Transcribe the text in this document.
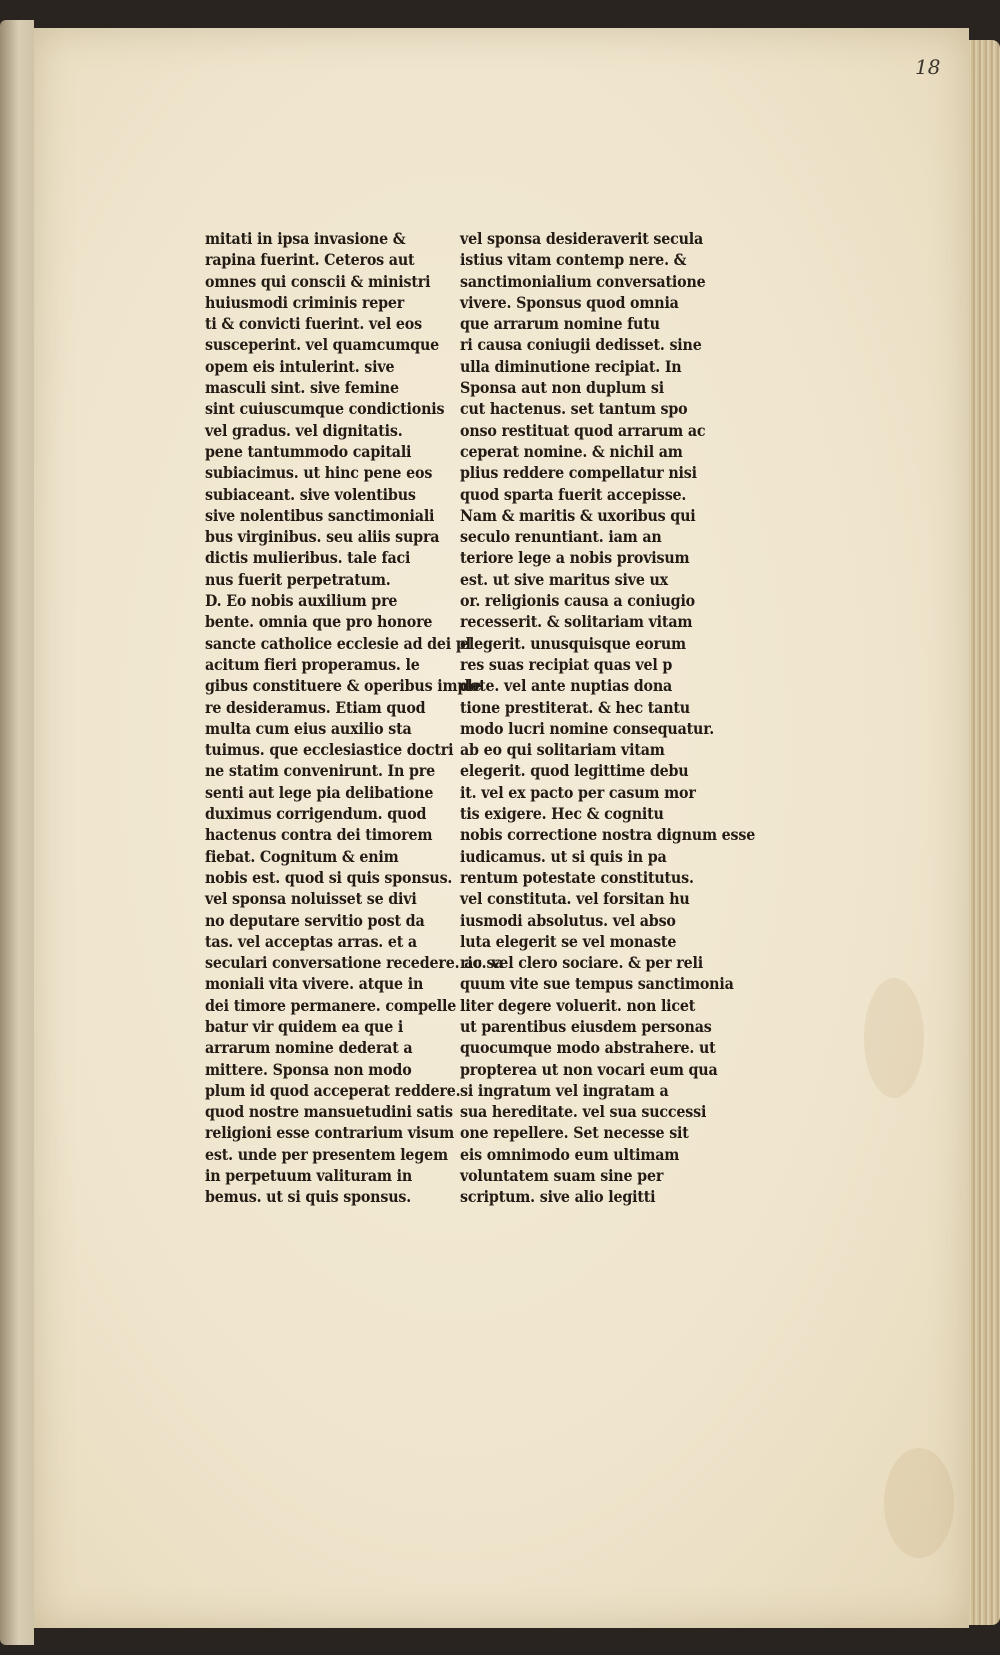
18
mitati in ipsa invasione &
rapina fuerint. Ceteros aut
omnes qui conscii & ministri
huiusmodi criminis reper
ti & convicti fuerint. vel eos
susceperint. vel quamcumque
opem eis intulerint. sive
masculi sint. sive femine
sint cuiuscumque condictionis
vel gradus. vel dignitatis.
pene tantummodo capitali
subiacimus. ut hinc pene eos
subiaceant. sive volentibus
sive nolentibus sanctimoniali
bus virginibus. seu aliis supra
dictis mulieribus. tale faci
nus fuerit perpetratum.
D. Eo nobis auxilium pre
bente. omnia que pro honore
sancte catholice ecclesie ad dei pl
acitum fieri properamus. le
gibus constituere & operibus imple
re desideramus. Etiam quod
multa cum eius auxilio sta
tuimus. que ecclesiastice doctri
ne statim convenirunt. In pre
senti aut lege pia delibatione
duximus corrigendum. quod
hactenus contra dei timorem
fiebat. Cognitum & enim
nobis est. quod si quis sponsus.
vel sponsa noluisset se divi
no deputare servitio post da
tas. vel acceptas arras. et a
seculari conversatione recedere. ac sa
moniali vita vivere. atque in
dei timore permanere. compelle
batur vir quidem ea que i
arrarum nomine dederat a
mittere. Sponsa non modo
plum id quod acceperat reddere.
quod nostre mansuetudini satis
religioni esse contrarium visum
est. unde per presentem legem
in perpetuum valituram in
bemus. ut si quis sponsus.
vel sponsa desideraverit secula
istius vitam contemp nere. &
sanctimonialium conversatione
vivere. Sponsus quod omnia
que arrarum nomine futu
ri causa coniugii dedisset. sine
ulla diminutione recipiat. In
Sponsa aut non duplum si
cut hactenus. set tantum spo
onso restituat quod arrarum ac
ceperat nomine. & nichil am
plius reddere compellatur nisi
quod sparta fuerit accepisse.
Nam & maritis & uxoribus qui
seculo renuntiant. iam an
teriore lege a nobis provisum
est. ut sive maritus sive ux
or. religionis causa a coniugio
recesserit. & solitariam vitam
elegerit. unusquisque eorum
res suas recipiat quas vel p
dote. vel ante nuptias dona
tione prestiterat. & hec tantu
modo lucri nomine consequatur.
ab eo qui solitariam vitam
elegerit. quod legittime debu
it. vel ex pacto per casum mor
tis exigere. Hec & cognitu
nobis correctione nostra dignum esse
iudicamus. ut si quis in pa
rentum potestate constitutus.
vel constituta. vel forsitan hu
iusmodi absolutus. vel abso
luta elegerit se vel monaste
rio. vel clero sociare. & per reli
quum vite sue tempus sanctimonia
liter degere voluerit. non licet
ut parentibus eiusdem personas
quocumque modo abstrahere. ut
propterea ut non vocari eum qua
si ingratum vel ingratam a
sua hereditate. vel sua successi
one repellere. Set necesse sit
eis omnimodo eum ultimam
voluntatem suam sine per
scriptum. sive alio legitti
